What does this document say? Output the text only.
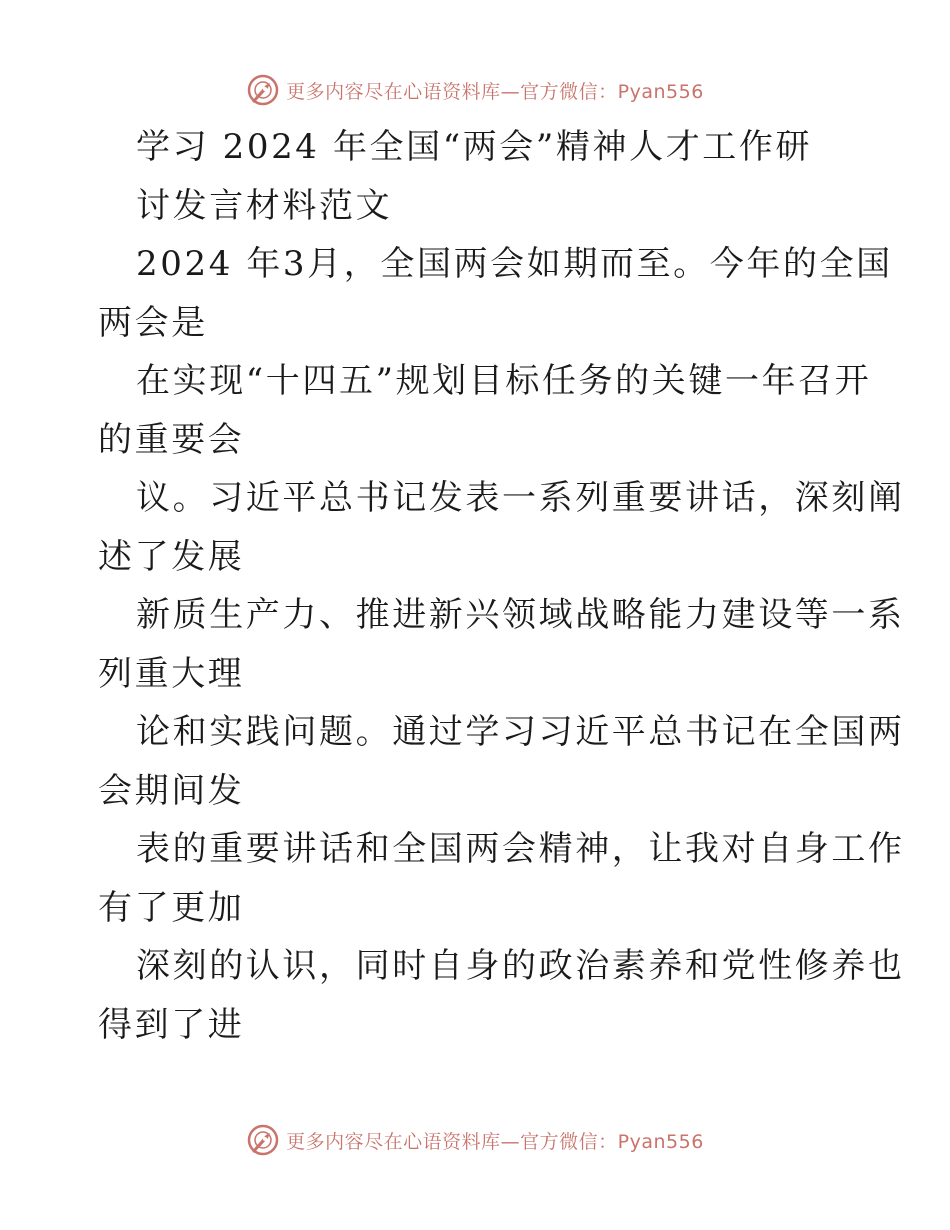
更多内容尽在心语资料库—官方微信：Pyan556
学习 2024 年全国“两会”精神人才工作研
讨发言材料范文
2024 年3月，全国两会如期而至。今年的全国
两会是
在实现“十四五”规划目标任务的关键一年召开
的重要会
议。习近平总书记发表一系列重要讲话，深刻阐
述了发展
新质生产力、推进新兴领域战略能力建设等一系
列重大理
论和实践问题。通过学习习近平总书记在全国两
会期间发
表的重要讲话和全国两会精神，让我对自身工作
有了更加
深刻的认识，同时自身的政治素养和党性修养也
得到了进
更多内容尽在心语资料库—官方微信：Pyan556
